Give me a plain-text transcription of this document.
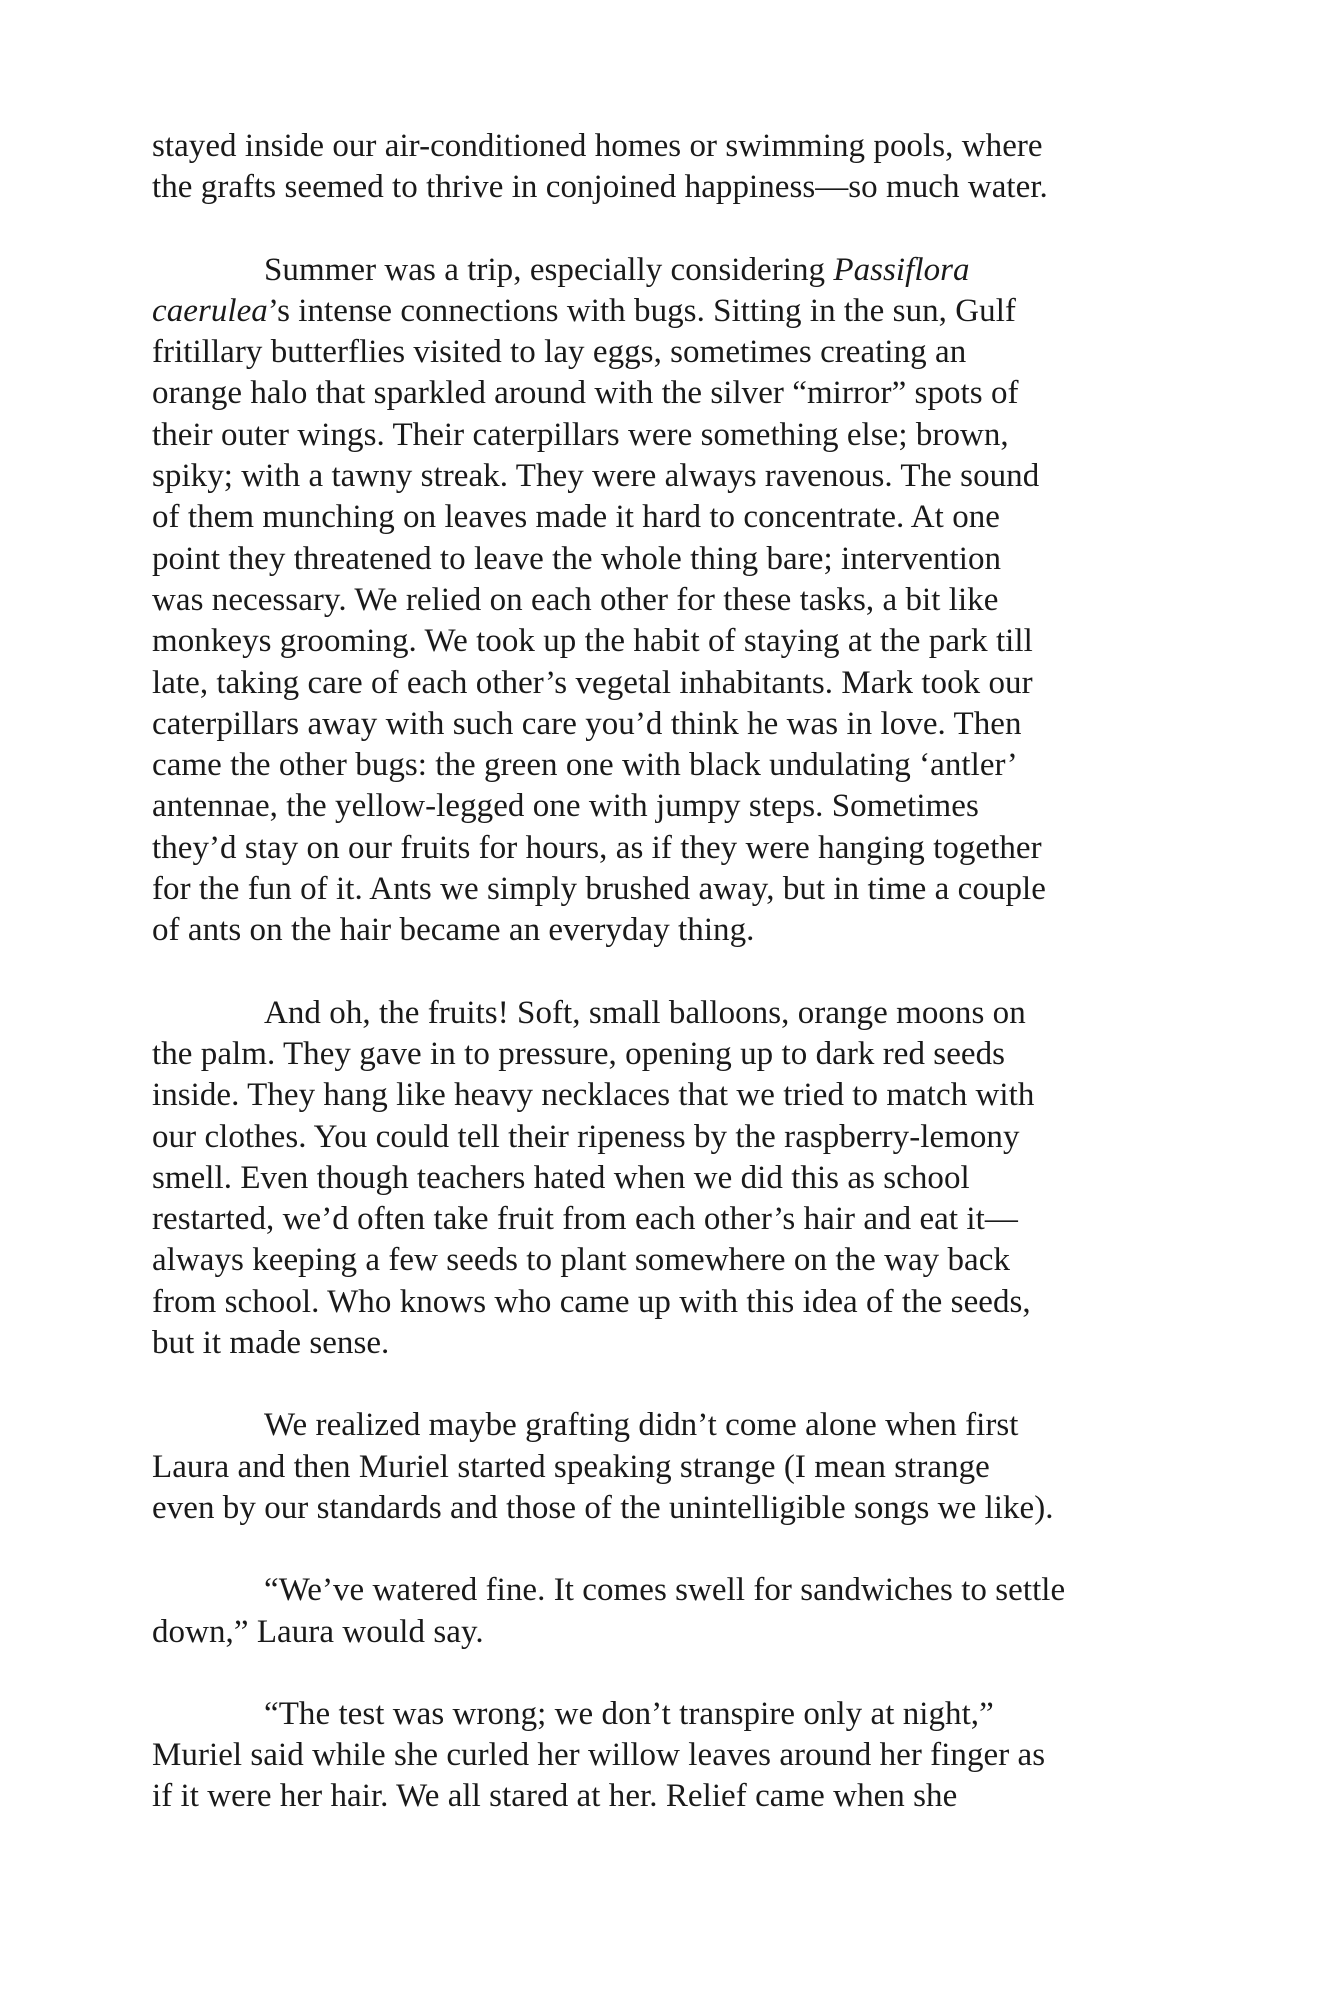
stayed inside our air-conditioned homes or swimming pools, where
the grafts seemed to thrive in conjoined happiness—so much water.
Summer was a trip, especially considering Passiflora
caerulea’s intense connections with bugs. Sitting in the sun, Gulf
fritillary butterflies visited to lay eggs, sometimes creating an
orange halo that sparkled around with the silver “mirror” spots of
their outer wings. Their caterpillars were something else; brown,
spiky; with a tawny streak. They were always ravenous. The sound
of them munching on leaves made it hard to concentrate. At one
point they threatened to leave the whole thing bare; intervention
was necessary. We relied on each other for these tasks, a bit like
monkeys grooming. We took up the habit of staying at the park till
late, taking care of each other’s vegetal inhabitants. Mark took our
caterpillars away with such care you’d think he was in love. Then
came the other bugs: the green one with black undulating ‘antler’
antennae, the yellow-legged one with jumpy steps. Sometimes
they’d stay on our fruits for hours, as if they were hanging together
for the fun of it. Ants we simply brushed away, but in time a couple
of ants on the hair became an everyday thing.
And oh, the fruits! Soft, small balloons, orange moons on
the palm. They gave in to pressure, opening up to dark red seeds
inside. They hang like heavy necklaces that we tried to match with
our clothes. You could tell their ripeness by the raspberry-lemony
smell. Even though teachers hated when we did this as school
restarted, we’d often take fruit from each other’s hair and eat it—
always keeping a few seeds to plant somewhere on the way back
from school. Who knows who came up with this idea of the seeds,
but it made sense.
We realized maybe grafting didn’t come alone when first
Laura and then Muriel started speaking strange (I mean strange
even by our standards and those of the unintelligible songs we like).
“We’ve watered fine. It comes swell for sandwiches to settle
down,” Laura would say.
“The test was wrong; we don’t transpire only at night,”
Muriel said while she curled her willow leaves around her finger as
if it were her hair. We all stared at her. Relief came when she
